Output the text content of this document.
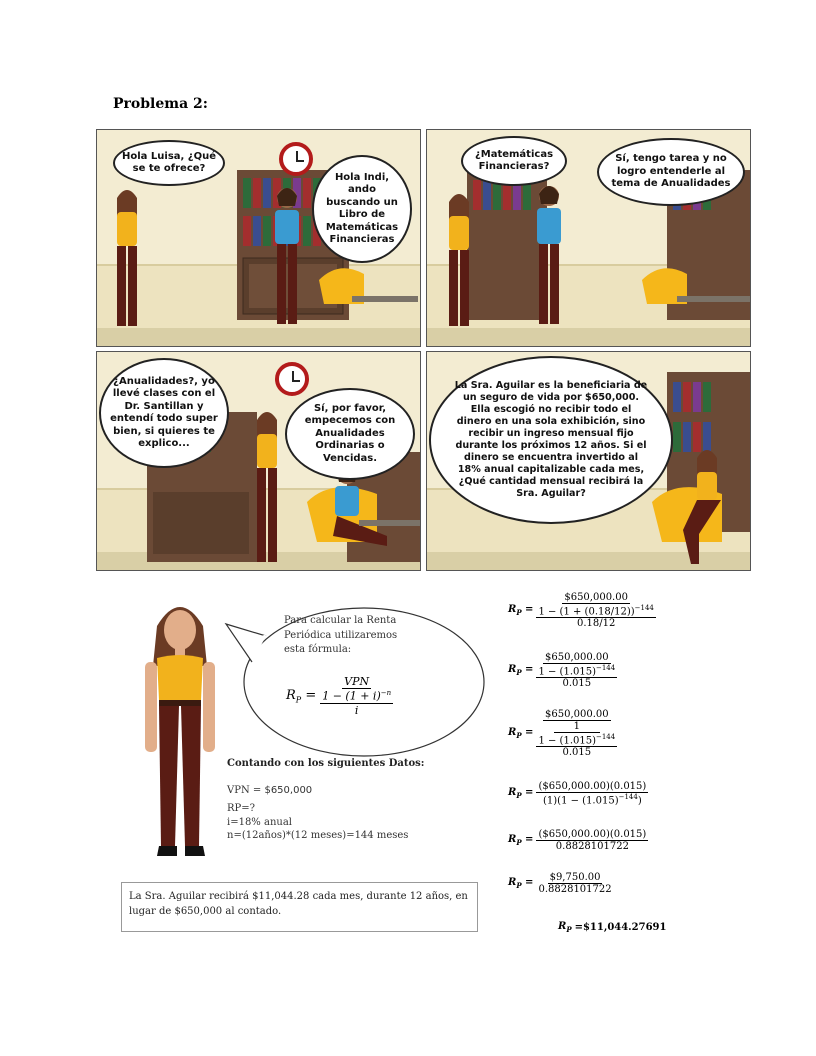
Problema 2:
Hola Luisa, ¿Qué se te ofrece?
Hola Indi, ando buscando un Libro de Matemáticas Financieras
¿Matemáticas Financieras?
Sí, tengo tarea y no logro entenderle al tema de Anualidades
¿Anualidades?, yo llevé clases con el Dr. Santillan y entendí todo super bien, si quieres te explico...
Sí, por favor, empecemos con Anualidades Ordinarias o Vencidas.
La Sra. Aguilar es la beneficiaria de un seguro de vida por $650,000. Ella escogió no recibir todo el dinero en una sola exhibición, sino recibir un ingreso mensual fijo durante los próximos 12 años. Si el dinero se encuentra invertido al 18% anual capitalizable cada mes, ¿Qué cantidad mensual recibirá la Sra. Aguilar?
Para calcular la Renta Periódica utilizaremos esta fórmula:
$R_P$ =
VPN
$1 - (1 + i)^{-n}$
i
Contando con los siguientes Datos:
VPN = $650,000
RP=?
i=18% anual
n=(12años)*(12 meses)=144 meses
La Sra. Aguilar recibirá $11,044.28 cada mes, durante 12 años, en lugar de $650,000 al contado.
$R_P$ =
$650,000.00
$1 - (1 + (0.18/12))^{-144}$
0.18/12
$R_P$ =
$650,000.00
$1 - (1.015)^{-144}$
0.015
$R_P$ =
$650,000.00
1
$1 - (1.015)^{-144}$
0.015
$R_P = \frac{(\$650,000.00)(0.015)}{(1)(1 - (1.015)^{-144})}$
$R_P = \frac{(\$650,000.00)(0.015)}{0.8828101722}$
$R_P = \frac{\$9,750.00}{0.8828101722}$
$R_P$ =$11,044.27691
